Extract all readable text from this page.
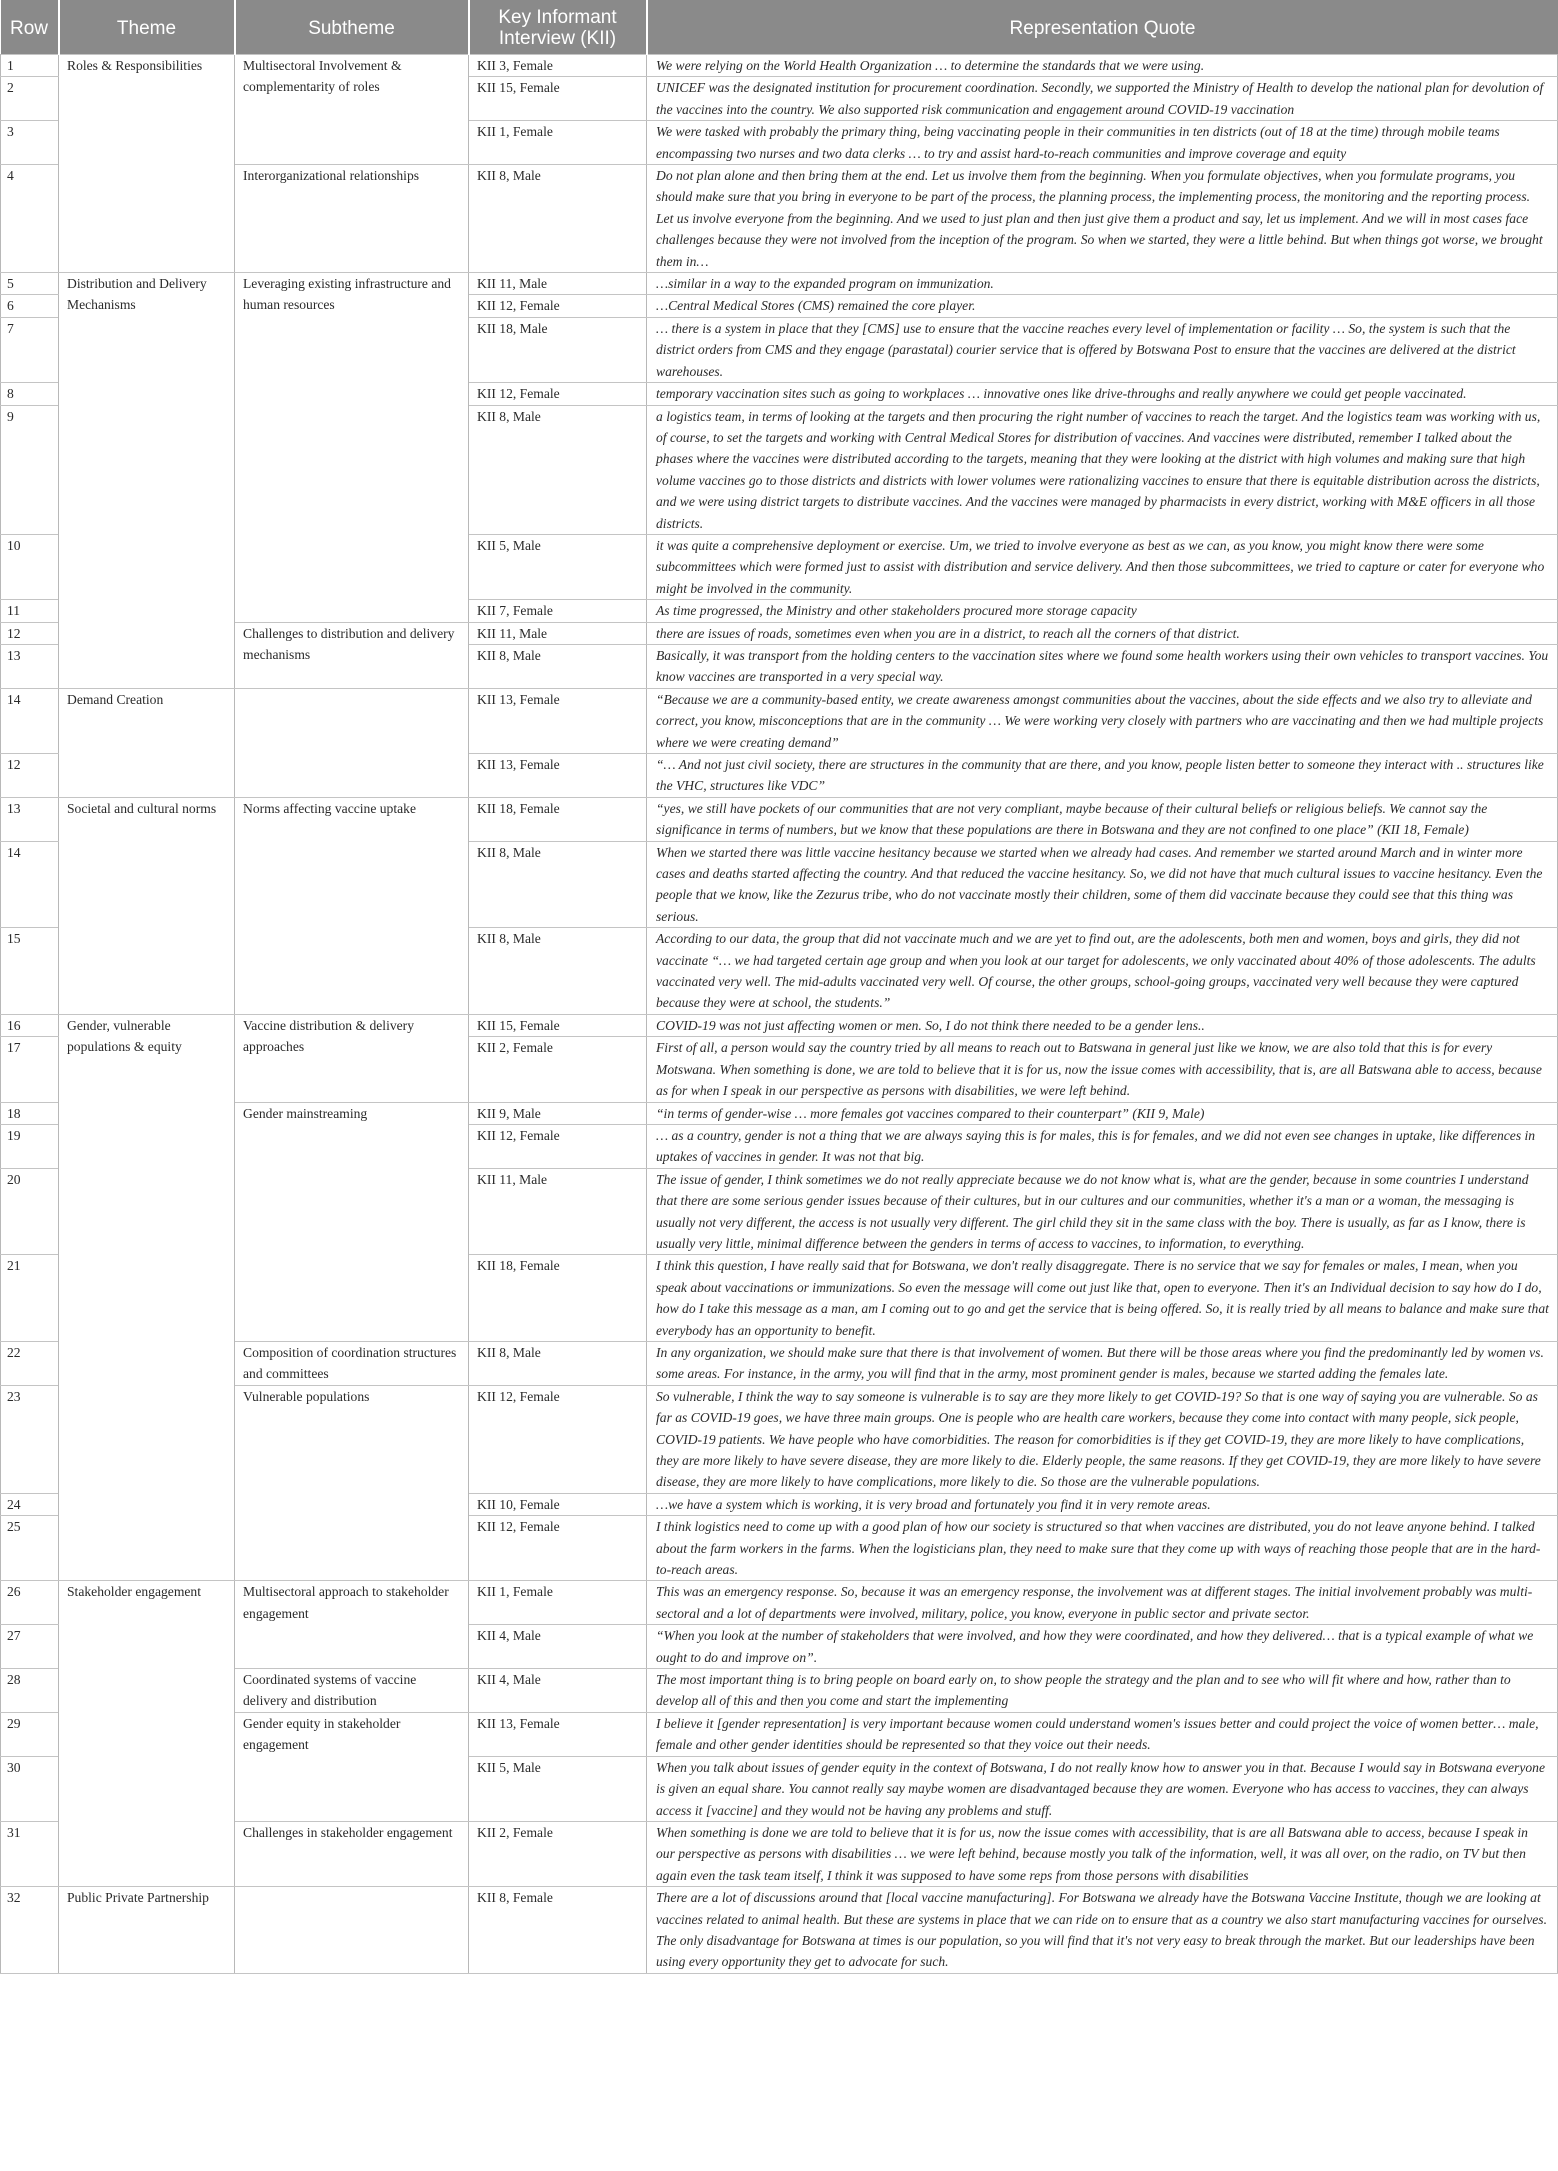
Row	Theme	Subtheme	Key Informant Interview (KII)	Representation Quote
1	Roles & Responsibilities	Multisectoral Involvement & complementarity of roles	KII 3, Female	We were relying on the World Health Organization … to determine the standards that we were using.
2			KII 15, Female	UNICEF was the designated institution for procurement coordination. Secondly, we supported the Ministry of Health to develop the national plan for devolution of the vaccines into the country. We also supported risk communication and engagement around COVID-19 vaccination
3			KII 1, Female	We were tasked with probably the primary thing, being vaccinating people in their communities in ten districts (out of 18 at the time) through mobile teams encompassing two nurses and two data clerks … to try and assist hard-to-reach communities and improve coverage and equity
4		Interorganizational relationships	KII 8, Male	Do not plan alone and then bring them at the end. Let us involve them from the beginning. When you formulate objectives, when you formulate programs, you should make sure that you bring in everyone to be part of the process, the planning process, the implementing process, the monitoring and the reporting process. Let us involve everyone from the beginning. And we used to just plan and then just give them a product and say, let us implement. And we will in most cases face challenges because they were not involved from the inception of the program. So when we started, they were a little behind. But when things got worse, we brought them in…
5	Distribution and Delivery Mechanisms	Leveraging existing infrastructure and human resources	KII 11, Male	…similar in a way to the expanded program on immunization.
6			KII 12, Female	…Central Medical Stores (CMS) remained the core player.
7			KII 18, Male	… there is a system in place that they [CMS] use to ensure that the vaccine reaches every level of implementation or facility … So, the system is such that the district orders from CMS and they engage (parastatal) courier service that is offered by Botswana Post to ensure that the vaccines are delivered at the district warehouses.
8			KII 12, Female	temporary vaccination sites such as going to workplaces … innovative ones like drive-throughs and really anywhere we could get people vaccinated.
9			KII 8, Male	a logistics team, in terms of looking at the targets and then procuring the right number of vaccines to reach the target. And the logistics team was working with us, of course, to set the targets and working with Central Medical Stores for distribution of vaccines. And vaccines were distributed, remember I talked about the phases where the vaccines were distributed according to the targets, meaning that they were looking at the district with high volumes and making sure that high volume vaccines go to those districts and districts with lower volumes were rationalizing vaccines to ensure that there is equitable distribution across the districts, and we were using district targets to distribute vaccines. And the vaccines were managed by pharmacists in every district, working with M&E officers in all those districts.
10			KII 5, Male	it was quite a comprehensive deployment or exercise. Um, we tried to involve everyone as best as we can, as you know, you might know there were some subcommittees which were formed just to assist with distribution and service delivery. And then those subcommittees, we tried to capture or cater for everyone who might be involved in the community.
11			KII 7, Female	As time progressed, the Ministry and other stakeholders procured more storage capacity
12		Challenges to distribution and delivery mechanisms	KII 11, Male	there are issues of roads, sometimes even when you are in a district, to reach all the corners of that district.
13			KII 8, Male	Basically, it was transport from the holding centers to the vaccination sites where we found some health workers using their own vehicles to transport vaccines. You know vaccines are transported in a very special way.
14	Demand Creation		KII 13, Female	“Because we are a community-based entity, we create awareness amongst communities about the vaccines, about the side effects and we also try to alleviate and correct, you know, misconceptions that are in the community … We were working very closely with partners who are vaccinating and then we had multiple projects where we were creating demand”
12			KII 13, Female	“… And not just civil society, there are structures in the community that are there, and you know, people listen better to someone they interact with .. structures like the VHC, structures like VDC”
13	Societal and cultural norms	Norms affecting vaccine uptake	KII 18, Female	“yes, we still have pockets of our communities that are not very compliant, maybe because of their cultural beliefs or religious beliefs. We cannot say the significance in terms of numbers, but we know that these populations are there in Botswana and they are not confined to one place” (KII 18, Female)
14			KII 8, Male	When we started there was little vaccine hesitancy because we started when we already had cases. And remember we started around March and in winter more cases and deaths started affecting the country. And that reduced the vaccine hesitancy. So, we did not have that much cultural issues to vaccine hesitancy. Even the people that we know, like the Zezurus tribe, who do not vaccinate mostly their children, some of them did vaccinate because they could see that this thing was serious.
15			KII 8, Male	According to our data, the group that did not vaccinate much and we are yet to find out, are the adolescents, both men and women, boys and girls, they did not vaccinate “… we had targeted certain age group and when you look at our target for adolescents, we only vaccinated about 40% of those adolescents. The adults vaccinated very well. The mid-adults vaccinated very well. Of course, the other groups, school-going groups, vaccinated very well because they were captured because they were at school, the students.”
16	Gender, vulnerable populations & equity	Vaccine distribution & delivery approaches	KII 15, Female	COVID-19 was not just affecting women or men. So, I do not think there needed to be a gender lens..
17			KII 2, Female	First of all, a person would say the country tried by all means to reach out to Batswana in general just like we know, we are also told that this is for every Motswana. When something is done, we are told to believe that it is for us, now the issue comes with accessibility, that is, are all Batswana able to access, because as for when I speak in our perspective as persons with disabilities, we were left behind.
18		Gender mainstreaming	KII 9, Male	“in terms of gender-wise … more females got vaccines compared to their counterpart” (KII 9, Male)
19			KII 12, Female	… as a country, gender is not a thing that we are always saying this is for males, this is for females, and we did not even see changes in uptake, like differences in uptakes of vaccines in gender. It was not that big.
20			KII 11, Male	The issue of gender, I think sometimes we do not really appreciate because we do not know what is, what are the gender, because in some countries I understand that there are some serious gender issues because of their cultures, but in our cultures and our communities, whether it's a man or a woman, the messaging is usually not very different, the access is not usually very different. The girl child they sit in the same class with the boy. There is usually, as far as I know, there is usually very little, minimal difference between the genders in terms of access to vaccines, to information, to everything.
21			KII 18, Female	I think this question, I have really said that for Botswana, we don't really disaggregate. There is no service that we say for females or males, I mean, when you speak about vaccinations or immunizations. So even the message will come out just like that, open to everyone. Then it's an Individual decision to say how do I do, how do I take this message as a man, am I coming out to go and get the service that is being offered. So, it is really tried by all means to balance and make sure that everybody has an opportunity to benefit.
22		Composition of coordination structures and committees	KII 8, Male	In any organization, we should make sure that there is that involvement of women. But there will be those areas where you find the predominantly led by women vs. some areas. For instance, in the army, you will find that in the army, most prominent gender is males, because we started adding the females late.
23		Vulnerable populations	KII 12, Female	So vulnerable, I think the way to say someone is vulnerable is to say are they more likely to get COVID-19? So that is one way of saying you are vulnerable. So as far as COVID-19 goes, we have three main groups. One is people who are health care workers, because they come into contact with many people, sick people, COVID-19 patients. We have people who have comorbidities. The reason for comorbidities is if they get COVID-19, they are more likely to have complications, they are more likely to have severe disease, they are more likely to die. Elderly people, the same reasons. If they get COVID-19, they are more likely to have severe disease, they are more likely to have complications, more likely to die. So those are the vulnerable populations.
24			KII 10, Female	…we have a system which is working, it is very broad and fortunately you find it in very remote areas.
25			KII 12, Female	I think logistics need to come up with a good plan of how our society is structured so that when vaccines are distributed, you do not leave anyone behind. I talked about the farm workers in the farms. When the logisticians plan, they need to make sure that they come up with ways of reaching those people that are in the hard-to-reach areas.
26	Stakeholder engagement	Multisectoral approach to stakeholder engagement	KII 1, Female	This was an emergency response. So, because it was an emergency response, the involvement was at different stages. The initial involvement probably was multi-sectoral and a lot of departments were involved, military, police, you know, everyone in public sector and private sector.
27			KII 4, Male	“When you look at the number of stakeholders that were involved, and how they were coordinated, and how they delivered… that is a typical example of what we ought to do and improve on”.
28		Coordinated systems of vaccine delivery and distribution	KII 4, Male	The most important thing is to bring people on board early on, to show people the strategy and the plan and to see who will fit where and how, rather than to develop all of this and then you come and start the implementing
29		Gender equity in stakeholder engagement	KII 13, Female	I believe it [gender representation] is very important because women could understand women's issues better and could project the voice of women better… male, female and other gender identities should be represented so that they voice out their needs.
30			KII 5, Male	When you talk about issues of gender equity in the context of Botswana, I do not really know how to answer you in that. Because I would say in Botswana everyone is given an equal share. You cannot really say maybe women are disadvantaged because they are women. Everyone who has access to vaccines, they can always access it [vaccine] and they would not be having any problems and stuff.
31		Challenges in stakeholder engagement	KII 2, Female	When something is done we are told to believe that it is for us, now the issue comes with accessibility, that is are all Batswana able to access, because I speak in our perspective as persons with disabilities … we were left behind, because mostly you talk of the information, well, it was all over, on the radio, on TV but then again even the task team itself, I think it was supposed to have some reps from those persons with disabilities
32	Public Private Partnership		KII 8, Female	There are a lot of discussions around that [local vaccine manufacturing]. For Botswana we already have the Botswana Vaccine Institute, though we are looking at vaccines related to animal health. But these are systems in place that we can ride on to ensure that as a country we also start manufacturing vaccines for ourselves. The only disadvantage for Botswana at times is our population, so you will find that it's not very easy to break through the market. But our leaderships have been using every opportunity they get to advocate for such.
